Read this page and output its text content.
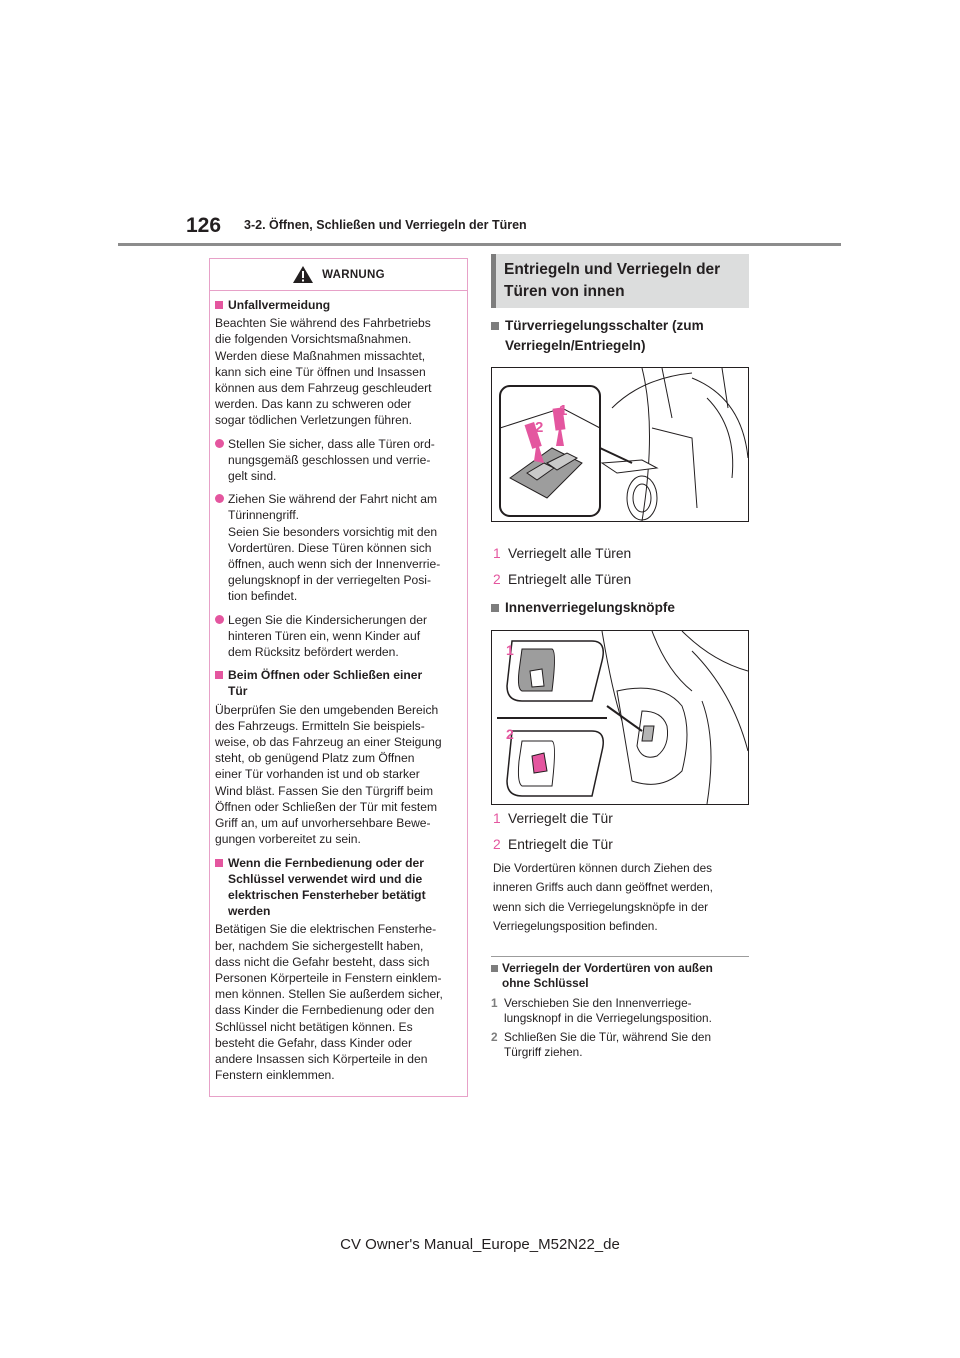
126 3-2. Öffnen, Schließen und Verriegeln der Türen
WARNUNG
Unfallvermeidung
Beachten Sie während des Fahrbetriebs
die folgenden Vorsichtsmaßnahmen.
Werden diese Maßnahmen missachtet,
kann sich eine Tür öffnen und Insassen
können aus dem Fahrzeug geschleudert
werden. Das kann zu schweren oder
sogar tödlichen Verletzungen führen.
Stellen Sie sicher, dass alle Türen ord-
nungsgemäß geschlossen und verrie-
gelt sind.
Ziehen Sie während der Fahrt nicht am
Türinnengriff.
Seien Sie besonders vorsichtig mit den
Vordertüren. Diese Türen können sich
öffnen, auch wenn sich der Innenverrie-
gelungsknopf in der verriegelten Posi-
tion befindet.
Legen Sie die Kindersicherungen der
hinteren Türen ein, wenn Kinder auf
dem Rücksitz befördert werden.
Beim Öffnen oder Schließen einer
Tür
Überprüfen Sie den umgebenden Bereich
des Fahrzeugs. Ermitteln Sie beispiels-
weise, ob das Fahrzeug an einer Steigung
steht, ob genügend Platz zum Öffnen
einer Tür vorhanden ist und ob starker
Wind bläst. Fassen Sie den Türgriff beim
Öffnen oder Schließen der Tür mit festem
Griff an, um auf unvorhersehbare Bewe-
gungen vorbereitet zu sein.
Wenn die Fernbedienung oder der
Schlüssel verwendet wird und die
elektrischen Fensterheber betätigt
werden
Betätigen Sie die elektrischen Fensterhe-
ber, nachdem Sie sichergestellt haben,
dass nicht die Gefahr besteht, dass sich
Personen Körperteile in Fenstern einklem-
men können. Stellen Sie außerdem sicher,
dass Kinder die Fernbedienung oder den
Schlüssel nicht betätigen können. Es
besteht die Gefahr, dass Kinder oder
andere Insassen sich Körperteile in den
Fenstern einklemmen.
Entriegeln und Verriegeln der
Türen von innen
Türverriegelungsschalter (zum
Verriegeln/Entriegeln)
1
2
1 Verriegelt alle Türen
2 Entriegelt alle Türen
Innenverriegelungsknöpfe
1
2
1 Verriegelt die Tür
2 Entriegelt die Tür
Die Vordertüren können durch Ziehen des
inneren Griffs auch dann geöffnet werden,
wenn sich die Verriegelungsknöpfe in der
Verriegelungsposition befinden.
Verriegeln der Vordertüren von außen
ohne Schlüssel
1 Verschieben Sie den Innenverriege-
lungsknopf in die Verriegelungsposition.
2 Schließen Sie die Tür, während Sie den
Türgriff ziehen.
CV Owner's Manual_Europe_M52N22_de
